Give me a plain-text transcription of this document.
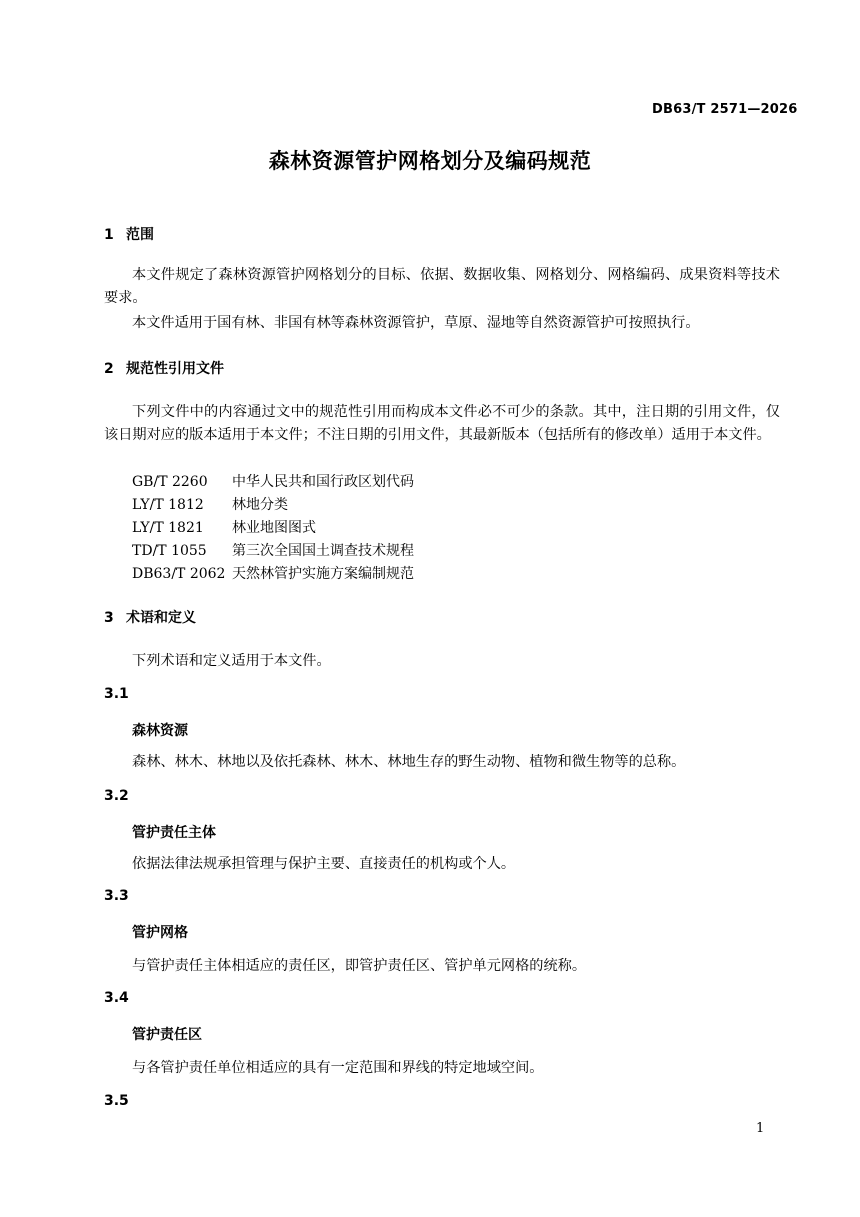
DB63/T 2571—2026
森林资源管护网格划分及编码规范
1 范围
本文件规定了森林资源管护网格划分的目标、依据、数据收集、网格划分、网格编码、成果资料等技术要求。
本文件适用于国有林、非国有林等森林资源管护，草原、湿地等自然资源管护可按照执行。
2 规范性引用文件
下列文件中的内容通过文中的规范性引用而构成本文件必不可少的条款。其中，注日期的引用文件，仅该日期对应的版本适用于本文件；不注日期的引用文件，其最新版本（包括所有的修改单）适用于本文件。
GB/T 2260 中华人民共和国行政区划代码
LY/T 1812 林地分类
LY/T 1821 林业地图图式
TD/T 1055 第三次全国国土调查技术规程
DB63/T 2062 天然林管护实施方案编制规范
3 术语和定义
下列术语和定义适用于本文件。
3.1
森林资源
森林、林木、林地以及依托森林、林木、林地生存的野生动物、植物和微生物等的总称。
3.2
管护责任主体
依据法律法规承担管理与保护主要、直接责任的机构或个人。
3.3
管护网格
与管护责任主体相适应的责任区，即管护责任区、管护单元网格的统称。
3.4
管护责任区
与各管护责任单位相适应的具有一定范围和界线的特定地域空间。
3.5
1
